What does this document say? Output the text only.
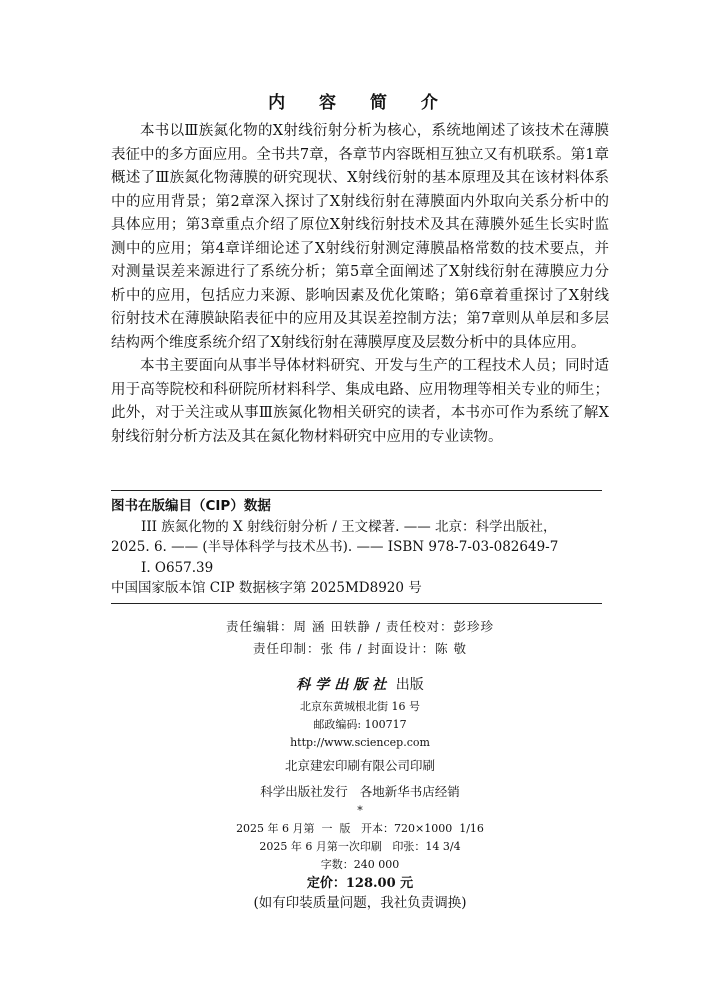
内 容 简 介

本书以Ⅲ族氮化物的X射线衍射分析为核心，系统地阐述了该技术在薄膜表征中的多方面应用。全书共7章，各章节内容既相互独立又有机联系。第1章概述了Ⅲ族氮化物薄膜的研究现状、X射线衍射的基本原理及其在该材料体系中的应用背景；第2章深入探讨了X射线衍射在薄膜面内外取向关系分析中的具体应用；第3章重点介绍了原位X射线衍射技术及其在薄膜外延生长实时监测中的应用；第4章详细论述了X射线衍射测定薄膜晶格常数的技术要点，并对测量误差来源进行了系统分析；第5章全面阐述了X射线衍射在薄膜应力分析中的应用，包括应力来源、影响因素及优化策略；第6章着重探讨了X射线衍射技术在薄膜缺陷表征中的应用及其误差控制方法；第7章则从单层和多层结构两个维度系统介绍了X射线衍射在薄膜厚度及层数分析中的具体应用。

本书主要面向从事半导体材料研究、开发与生产的工程技术人员；同时适用于高等院校和科研院所材料科学、集成电路、应用物理等相关专业的师生；此外，对于关注或从事Ⅲ族氮化物相关研究的读者，本书亦可作为系统了解X射线衍射分析方法及其在氮化物材料研究中应用的专业读物。

图书在版编目（CIP）数据
III 族氮化物的 X 射线衍射分析 / 王文樑著. —— 北京：科学出版社，
2025. 6. —— (半导体科学与技术丛书). —— ISBN 978-7-03-082649-7
Ⅰ. O657.39
中国国家版本馆 CIP 数据核字第 2025MD8920 号
责任编辑：周 涵 田轶静 / 责任校对：彭珍珍
责任印制：张 伟 / 封面设计：陈 敬
科学出版社 出版
北京东黄城根北街 16 号
邮政编码: 100717
http://www.sciencep.com
北京建宏印刷有限公司印刷
科学出版社发行   各地新华书店经销
*
2025 年 6 月第  一  版   开本：720×1000  1/16
2025 年 6 月第一次印刷   印张：14 3/4
字数：240 000
定价：128.00 元
(如有印装质量问题，我社负责调换)
